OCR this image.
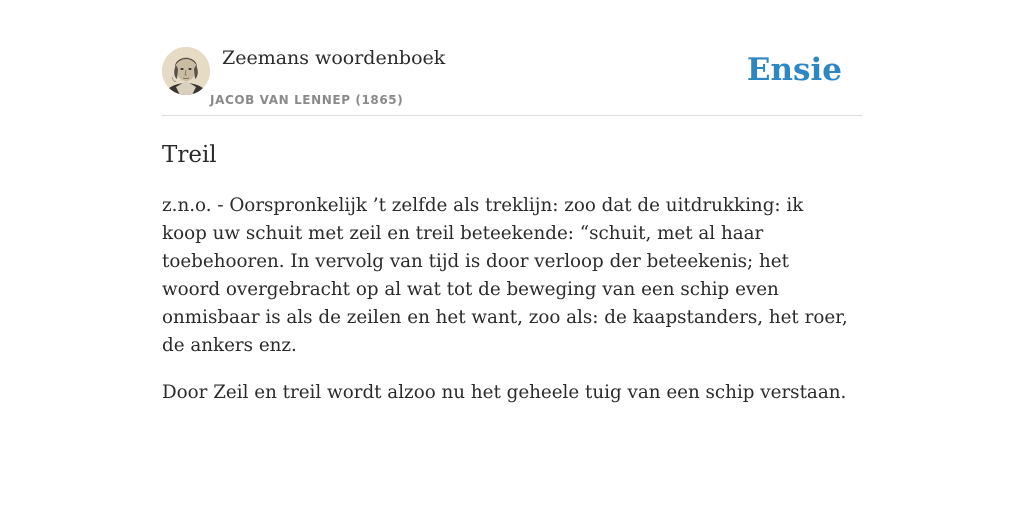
Zeemans woordenboek
JACOB VAN LENNEP (1865)
Ensie
Treil

z.n.o. - Oorspronkelijk ’t zelfde als treklijn: zoo dat de uitdrukking: ik koop uw schuit met zeil en treil beteekende: “schuit, met al haar toebehooren. In vervolg van tijd is door verloop der beteekenis; het woord overgebracht op al wat tot de beweging van een schip even onmisbaar is als de zeilen en het want, zoo als: de kaapstanders, het roer, de ankers enz.

Door Zeil en treil wordt alzoo nu het geheele tuig van een schip verstaan.
